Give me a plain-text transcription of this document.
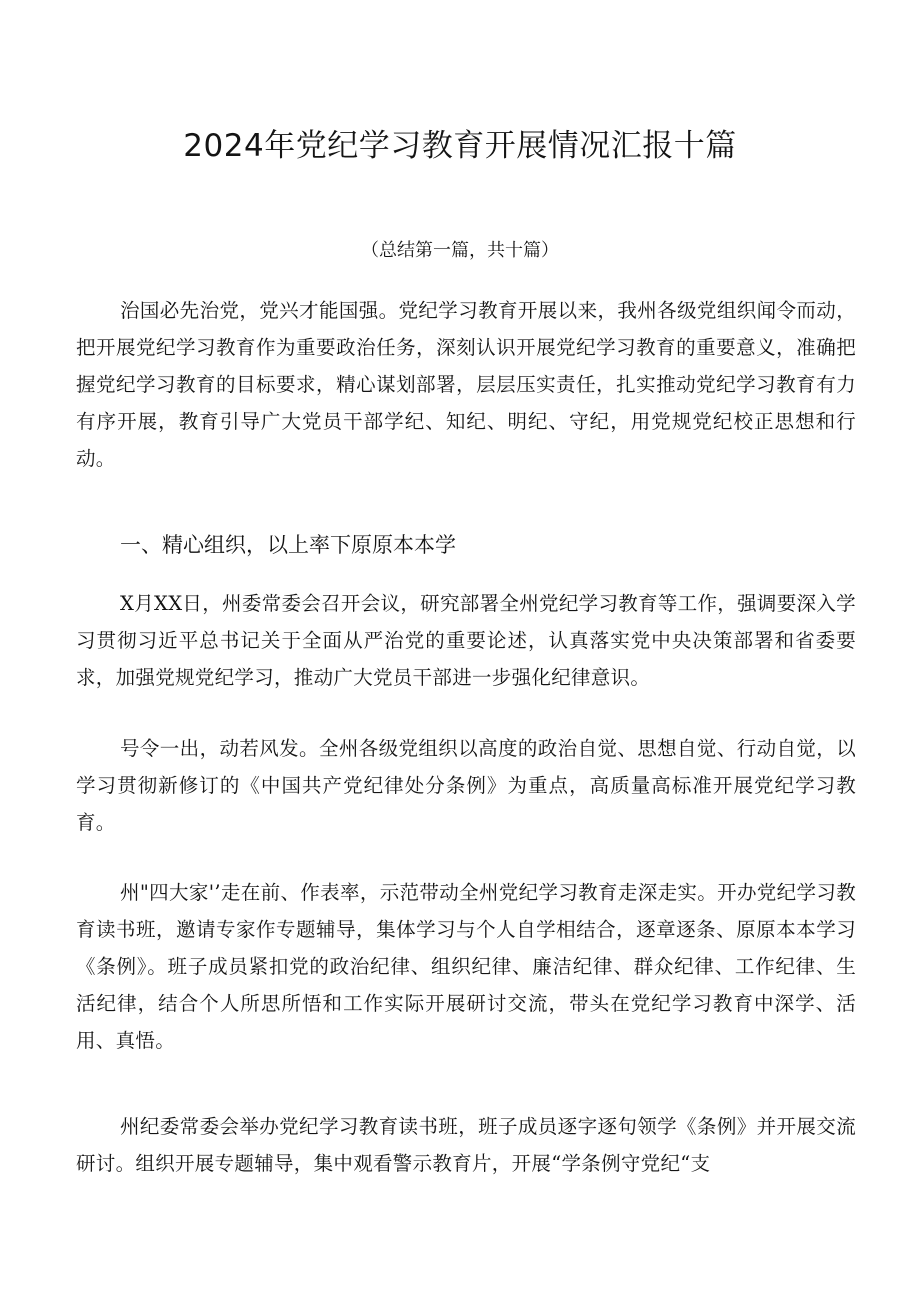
2024年党纪学习教育开展情况汇报十篇

（总结第一篇，共十篇）

治国必先治党，党兴才能国强。党纪学习教育开展以来，我州各级党组织闻令而动，把开展党纪学习教育作为重要政治任务，深刻认识开展党纪学习教育的重要意义，准确把握党纪学习教育的目标要求，精心谋划部署，层层压实责任，扎实推动党纪学习教育有力有序开展，教育引导广大党员干部学纪、知纪、明纪、守纪，用党规党纪校正思想和行动。

一、精心组织，以上率下原原本本学

X月XX日，州委常委会召开会议，研究部署全州党纪学习教育等工作，强调要深入学习贯彻习近平总书记关于全面从严治党的重要论述，认真落实党中央决策部署和省委要求，加强党规党纪学习，推动广大党员干部进一步强化纪律意识。

号令一出，动若风发。全州各级党组织以高度的政治自觉、思想自觉、行动自觉，以学习贯彻新修订的《中国共产党纪律处分条例》为重点，高质量高标准开展党纪学习教育。

州"四大家'’走在前、作表率，示范带动全州党纪学习教育走深走实。开办党纪学习教育读书班，邀请专家作专题辅导，集体学习与个人自学相结合，逐章逐条、原原本本学习《条例》。班子成员紧扣党的政治纪律、组织纪律、廉洁纪律、群众纪律、工作纪律、生活纪律，结合个人所思所悟和工作实际开展研讨交流，带头在党纪学习教育中深学、活用、真悟。

州纪委常委会举办党纪学习教育读书班，班子成员逐字逐句领学《条例》并开展交流研讨。组织开展专题辅导，集中观看警示教育片，开展“学条例守党纪“支
